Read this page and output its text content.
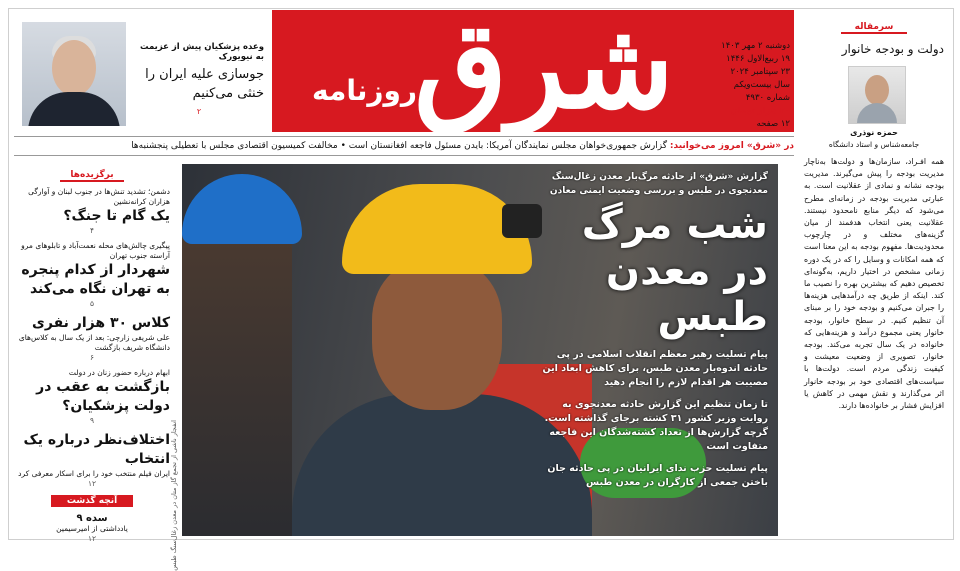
شرق
روزنامه
دوشنبه ۲ مهر ۱۴۰۳
۱۹ ربیع‌الاول ۱۴۴۶
۲۳ سپتامبر ۲۰۲۴
سال بیست‌ویکم
شماره ۴۹۳۰
۲۰ هزار تومان
۱۲ صفحه
وعده پزشکیان پیش از عزیمت به نیویورک
جوسازی علیه ایران را خنثی می‌کنیم
۲
در «شرق» امروز می‌خوانید: گزارش جمهوری‌خواهان مجلس نمایندگان آمریکا: بایدن مسئول فاجعه افغانستان است • مخالفت کمیسیون اقتصادی مجلس با تعطیلی پنجشنبه‌ها
سرمقاله
دولت و بودجه خانوار
حمزه نوذری
جامعه‌شناس و استاد دانشگاه
همه افـراد، سازمان‌ها و دولت‌ها به‌ناچار مدیریت بودجه را پیش می‌گیرند. مدیریت بودجه نشانه و نمادی از عقلانیت است. به عبارتی مدیریت بودجه در زمانه‌ای مطرح می‌شود که دیگر منابع نامحدود نیستند. عقلانیت یعنی انتخاب هدفمند از میان گزینه‌های مختلف و در چارچوب محدودیت‌ها. مفهوم بودجه به این معنا است که همه امکانات و وسایل را که در یک دوره زمانی مشخص در اختیار داریم، به‌گونه‌ای تخصیص دهیم که بیشترین بهره را نصیب ما کند. اینکه از طریق چه درآمدهایی هزینه‌ها را جبران می‌کنیم و بودجه خود را بر مبنای آن تنظیم کنیم. در سطح خانوار، بودجه خانوار یعنی مجموع درآمد و هزینه‌هایی که خانواده در یک سال تجربه می‌کند. بودجه خانوار، تصویری از وضعیت معیشت و کیفیت زندگی مردم است. دولت‌ها با سیاست‌های اقتصادی خود بر بودجه خانوار اثر می‌گذارند و نقش مهمی در کاهش یا افزایش فشار بر خانواده‌ها دارند.
برگزیده‌ها
دشمن؛ تشدید تنش‌ها در جنوب لبنان و آوارگی هزاران کرانه‌نشین
یک گام تا جنگ؟
۴
پیگیری چالش‌های محله نعمت‌آباد و تابلوهای مرو آراسته جنوب تهران
شهردار از کدام پنجره به تهران نگاه می‌کند
۵
کلاس ۳۰ هزار نفری
علی شریفی زارچی: بعد از یک سال به کلاس‌های دانشگاه شریف بازگشت
۶
ابهام درباره حضور زنان در دولت
بازگشت به عقب در دولت پزشکیان؟
۹
اختلاف‌نظر درباره یک انتخاب
ایران فیلم منتخب خود را برای اسکار معرفی کرد
۱۲
آنچه گذشت
سده ۹
یادداشتی از امیرسیمین
۱۲	انفجار ناشی از تجمع گاز متان در معدن زغال‌سنگ طبس
گزارش «شرق» از حادثه مرگ‌بار معدن زغال‌سنگ معدنجوی در طبس و بررسی وضعیت ایمنی معادن
شب مرگ در معدن طبس
پیام تسلیت رهبر معظم انقلاب اسلامی در پی حادثه اندوه‌بار معدن طبس، برای کاهش ابعاد این مصیبت هر اقدام لازم را انجام دهید
تا زمان تنظیم این گزارش حادثه معدنجوی به روایت وزیر کشور ۳۱ کشته برجای گذاشته است. گرچه گزارش‌ها از تعداد کشته‌شدگان این فاجعه متفاوت است
پیام تسلیت حزب ندای ایرانیان در پی حادثه جان باختن جمعی از کارگران در معدن طبس
